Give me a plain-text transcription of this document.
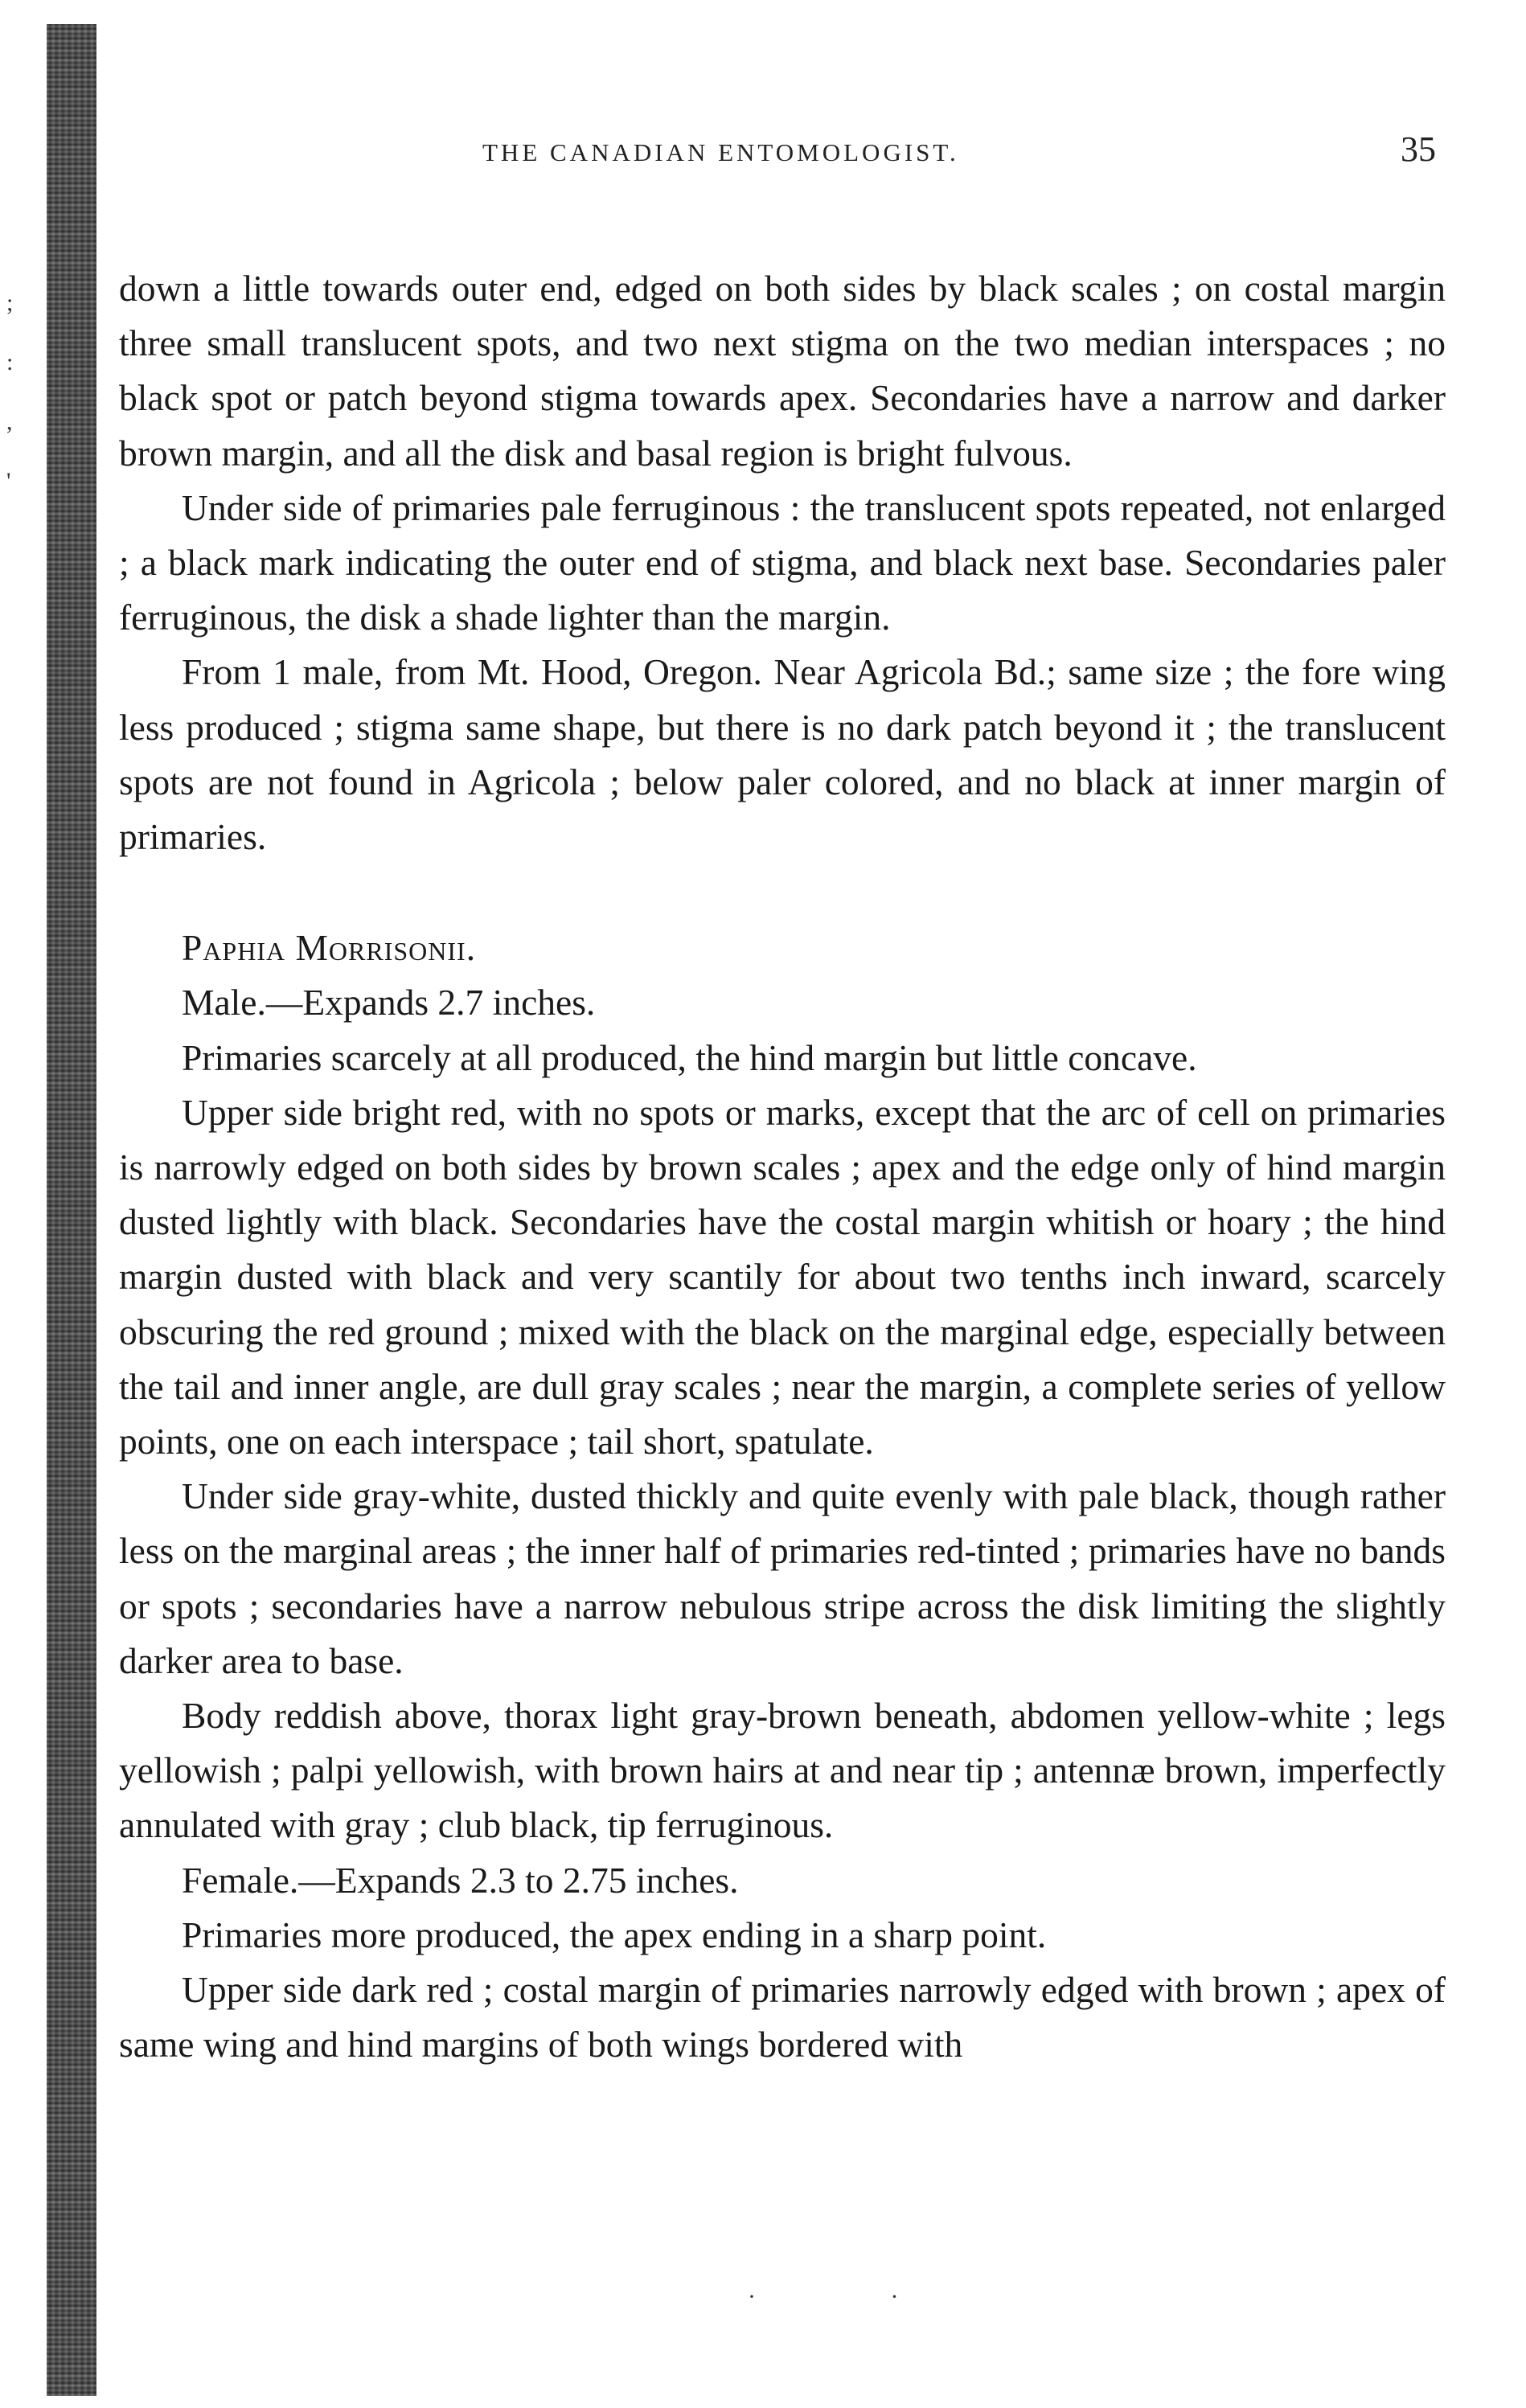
;
:
,
'
THE CANADIAN ENTOMOLOGIST.	35

down a little towards outer end, edged on both sides by black scales ; on costal margin three small translucent spots, and two next stigma on the two median interspaces ; no black spot or patch beyond stigma towards apex. Secondaries have a narrow and darker brown margin, and all the disk and basal region is bright fulvous.

Under side of primaries pale ferruginous : the translucent spots repeated, not enlarged ; a black mark indicating the outer end of stigma, and black next base. Secondaries paler ferruginous, the disk a shade lighter than the margin.

From 1 male, from Mt. Hood, Oregon. Near Agricola Bd.; same size ; the fore wing less produced ; stigma same shape, but there is no dark patch beyond it ; the translucent spots are not found in Agricola ; below paler colored, and no black at inner margin of primaries.

Paphia Morrisonii.

Male.—Expands 2.7 inches.

Primaries scarcely at all produced, the hind margin but little concave.

Upper side bright red, with no spots or marks, except that the arc of cell on primaries is narrowly edged on both sides by brown scales ; apex and the edge only of hind margin dusted lightly with black. Secondaries have the costal margin whitish or hoary ; the hind margin dusted with black and very scantily for about two tenths inch inward, scarcely obscuring the red ground ; mixed with the black on the marginal edge, especially between the tail and inner angle, are dull gray scales ; near the margin, a complete series of yellow points, one on each interspace ; tail short, spatulate.

Under side gray-white, dusted thickly and quite evenly with pale black, though rather less on the marginal areas ; the inner half of primaries red-tinted ; primaries have no bands or spots ; secondaries have a narrow nebulous stripe across the disk limiting the slightly darker area to base.

Body reddish above, thorax light gray-brown beneath, abdomen yellow-white ; legs yellowish ; palpi yellowish, with brown hairs at and near tip ; antennæ brown, imperfectly annulated with gray ; club black, tip ferruginous.

Female.—Expands 2.3 to 2.75 inches.

Primaries more produced, the apex ending in a sharp point.

Upper side dark red ; costal margin of primaries narrowly edged with brown ; apex of same wing and hind margins of both wings bordered with

· ·
